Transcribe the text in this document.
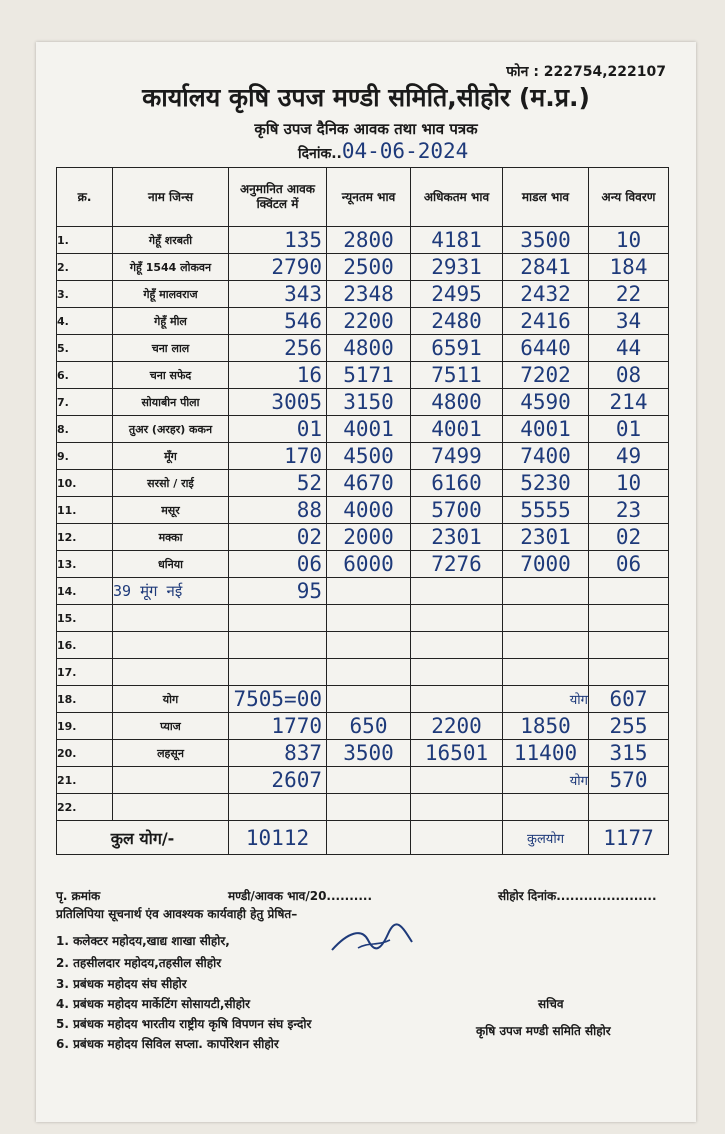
फोन : 222754,222107
कार्यालय कृषि उपज मण्डी समिति,सीहोर (म.प्र.)
कृषि उपज दैनिक आवक तथा भाव पत्रक
दिनांक..04-06-2024
क्र.	नाम जिन्स	अनुमानित आवक क्विंटल में	न्यूनतम भाव	अधिकतम भाव	माडल भाव	अन्य विवरण
1.	गेहूँ शरबती	135	2800	4181	3500	10
2.	गेहूँ 1544 लोकवन	2790	2500	2931	2841	184
3.	गेहूँ मालवराज	343	2348	2495	2432	22
4.	गेहूँ मील	546	2200	2480	2416	34
5.	चना लाल	256	4800	6591	6440	44
6.	चना सफेद	16	5171	7511	7202	08
7.	सोयाबीन पीला	3005	3150	4800	4590	214
8.	तुअर (अरहर) ककन	01	4001	4001	4001	01
9.	मूँग	170	4500	7499	7400	49
10.	सरसो / राई	52	4670	6160	5230	10
11.	मसूर	88	4000	5700	5555	23
12.	मक्का	02	2000	2301	2301	02
13.	धनिया	06	6000	7276	7000	06
14.	39 मूंग नई	95				
15.						
16.						
17.						
18.	योग	7505=00			योग	607
19.	प्याज	1770	650	2200	1850	255
20.	लहसून	837	3500	16501	11400	315
21.		2607			योग	570
22.						
कुल योग/-		10112			कुलयोग	1177
पृ. क्रमांक	मण्डी/आवक भाव/20..........	सीहोर दिनांक......................
प्रतिलिपिया सूचनार्थ एंव आवश्यक कार्यवाही हेतु प्रेषित–
1. कलेक्टर महोदय,खाद्य शाखा सीहोर,
2. तहसीलदार महोदय,तहसील सीहोर
3. प्रबंधक महोदय संघ सीहोर
4. प्रबंधक महोदय मार्केटिंग सोसायटी,सीहोर
5. प्रबंधक महोदय भारतीय राष्ट्रीय कृषि विपणन संघ इन्दोर
6. प्रबंधक महोदय सिविल सप्ला. कार्पोरेशन सीहोर
सचिव
कृषि उपज मण्डी समिति सीहोर
